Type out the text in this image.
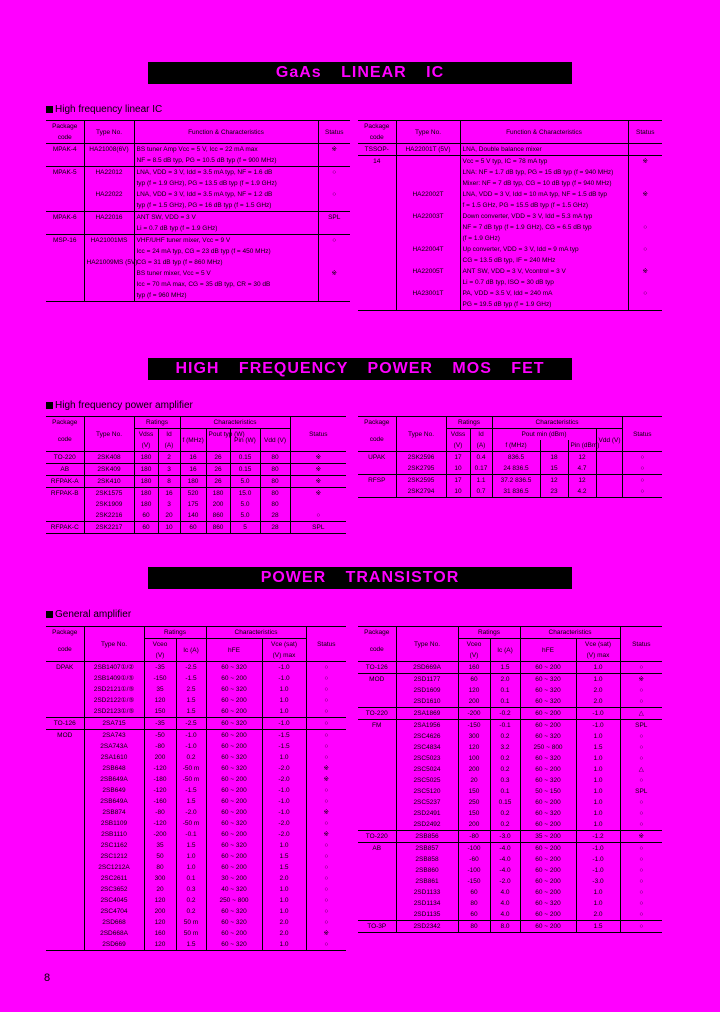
GaAs LINEAR IC
HIGH FREQUENCY POWER MOS FET
POWER TRANSISTOR
High frequency linear IC
High frequency power amplifier
General amplifier
Package	Type No.	Function & Characteristics	Status
code			
MPAK-4	HA21008(6V)	BS tuner Amp Vcc = 5 V, Icc = 22 mA max	※
		NF = 8.5 dB typ, PG = 10.5 dB typ (f = 900 MHz)	
MPAK-5	HA22012	LNA, VDD = 3 V, Idd = 3.5 mA typ, NF = 1.6 dB	○
		typ (f = 1.9 GHz), PG = 13.5 dB typ (f = 1.9 GHz)	
	HA22022	LNA, VDD = 3 V, Idd = 3.5 mA typ, NF = 1.2 dB	○
		typ (f = 1.5 GHz), PG = 16 dB typ (f = 1.5 GHz)	
MPAK-6	HA22016	ANT SW, VDD = 3 V	SPL
		Li = 0.7 dB typ (f = 1.9 GHz)	
MSP-16	HA21001MS	VHF/UHF tuner mixer, Vcc = 9 V	○
		Icc = 24 mA typ, CG = 23 dB typ (f = 450 MHz)	
	HA21009MS (5V)	CG = 31 dB typ (f = 860 MHz)	
		BS tuner mixer, Vcc = 5 V	※
		Icc = 70 mA max, CG = 35 dB typ, CR = 30 dB	
		typ (f = 960 MHz)	
Package	Type No.	Function & Characteristics	Status
code			
TSSOP-	HA22001T (5V)	LNA, Double balance mixer	
14		Vcc = 5 V typ, IC = 78 mA typ	※
		LNA: NF = 1.7 dB typ, PG = 15 dB typ (f = 940 MHz)	
		Mixer: NF = 7 dB typ, CG = 10 dB typ (f = 940 MHz)	
	HA22002T	LNA, VDD = 3 V, Idd = 10 mA typ, NF = 1.5 dB typ	※
		f = 1.5 GHz, PG = 15.5 dB typ (f = 1.5 GHz)	
	HA22003T	Down converter, VDD = 3 V, Idd = 5.3 mA typ	
		NF = 7 dB typ (f = 1.9 GHz), CG = 6.5 dB typ	○
		(f = 1.9 GHz)	
	HA22004T	Up converter, VDD = 3 V, Idd = 9 mA typ	○
		CG = 13.5 dB typ, IF = 240 MHz	
	HA22005T	ANT SW, VDD = 3 V, Vcontrol = 3 V	※
		Li = 0.7 dB typ, ISO = 30 dB typ	
	HA23001T	PA, VDD = 3.5 V, Idd = 240 mA	○
		PG = 19.5 dB typ (f = 1.9 GHz)	
Package	Type No.	Ratings		Characteristics				Status
code		Vdss	Id	f (MHz)	Pout typ (W)	Pin (W)	Vdd (V)	
		(V)	(A)					
TO-220	2SK408	180	2	16	26	0.15	80	※
AB	2SK409	180	3	16	26	0.15	80	※
RFPAK-A	2SK410	180	8	180	26	5.0	80	※
RFPAK-B	2SK1575	180	16	520	180	15.0	80	※
	2SK1909	180	3	175	200	5.0	80	
	2SK2216	60	20	140	860	5.0	28	○
RFPAK-C	2SK2217	60	10	60	860	5	28	SPL
Package	Type No.	Ratings		Characteristics				Status
code		Vdss	Id	Pout min (dBm)			Vdd (V)	
		(V)	(A)	f (MHz)		Pin (dBm)		
UPAK	2SK2596	17	0.4	836.5	18	12		○
	2SK2795	10	0.17	24 836.5	15	4.7		○
RFSP	2SK2595	17	1.1	37.2 836.5	12	12		○
	2SK2794	10	0.7	31 836.5	23	4.2		○
Package	Type No.	Ratings		Characteristics		Status
code		Vceo	Ic (A)	hFE	Vce (sat)	
		(V)			(V) max	
DPAK	2SB1407①/②	-35	-2.5	60 ~ 320	-1.0	○
	2SB1409①/⑤	-150	-1.5	60 ~ 200	-1.0	○
	2SD2121①/⑤	35	2.5	60 ~ 320	1.0	○
	2SD2122①/⑤	120	1.5	60 ~ 200	1.0	○
	2SD2123①/⑤	150	1.5	60 ~ 200	1.0	○
TO-126	2SA715	-35	-2.5	60 ~ 320	-1.0	○
MOD	2SA743	-50	-1.0	60 ~ 200	-1.5	○
	2SA743A	-80	-1.0	60 ~ 200	-1.5	○
	2SA1610	200	0.2	60 ~ 320	1.0	○
	2SB648	-120	-50 m	60 ~ 320	-2.0	※
	2SB649A	-180	-50 m	60 ~ 200	-2.0	※
	2SB649	-120	-1.5	60 ~ 200	-1.0	○
	2SB649A	-160	1.5	60 ~ 200	-1.0	○
	2SB874	-80	-2.0	60 ~ 200	-1.0	※
	2SB1109	-120	-50 m	60 ~ 320	-2.0	○
	2SB1110	-200	-0.1	60 ~ 200	-2.0	※
	2SC1162	35	1.5	60 ~ 320	1.0	○
	2SC1212	50	1.0	60 ~ 200	1.5	○
	2SC1212A	80	1.0	60 ~ 200	1.5	○
	2SC2611	300	0.1	30 ~ 200	2.0	○
	2SC3652	20	0.3	40 ~ 320	1.0	○
	2SC4045	120	0.2	250 ~ 800	1.0	○
	2SC4704	200	0.2	60 ~ 320	1.0	○
	2SD668	120	50 m	60 ~ 320	2.0	○
	2SD668A	160	50 m	60 ~ 200	2.0	※
	2SD669	120	1.5	60 ~ 320	1.0	○
Package	Type No.	Ratings		Characteristics		Status
code		Vceo	Ic (A)	hFE	Vce (sat)	
		(V)			(V) max	
TO-126	2SD669A	160	1.5	60 ~ 200	1.0	○
MOD	2SD1177	60	2.0	60 ~ 320	1.0	※
	2SD1609	120	0.1	60 ~ 320	2.0	○
	2SD1610	200	0.1	60 ~ 320	2.0	○
TO-220	2SA1869	-200	-0.2	60 ~ 200	-1.0	△
FM	2SA1956	-150	-0.1	60 ~ 200	-1.0	SPL
	2SC4626	300	0.2	60 ~ 320	1.0	○
	2SC4834	120	3.2	250 ~ 800	1.5	○
	2SC5023	100	0.2	60 ~ 320	1.0	○
	2SC5024	200	0.2	60 ~ 200	1.0	△
	2SC5025	20	0.3	60 ~ 320	1.0	○
	2SC5120	150	0.1	50 ~ 150	1.0	SPL
	2SC5237	250	0.15	60 ~ 200	1.0	○
	2SD2491	150	0.2	60 ~ 320	1.0	○
	2SD2492	200	0.2	60 ~ 200	1.0	○
TO-220	2SB856	-80	-3.0	35 ~ 200	-1.2	※
AB	2SB857	-100	-4.0	60 ~ 200	-1.0	○
	2SB858	-60	-4.0	60 ~ 200	-1.0	○
	2SB860	-100	-4.0	60 ~ 200	-1.0	○
	2SB861	-150	-2.0	60 ~ 200	-3.0	○
	2SD1133	60	4.0	60 ~ 200	1.0	○
	2SD1134	80	4.0	60 ~ 320	1.0	○
	2SD1135	60	4.0	60 ~ 200	2.0	○
TO-3P	2SD2342	80	8.0	60 ~ 200	1.5	○
8
